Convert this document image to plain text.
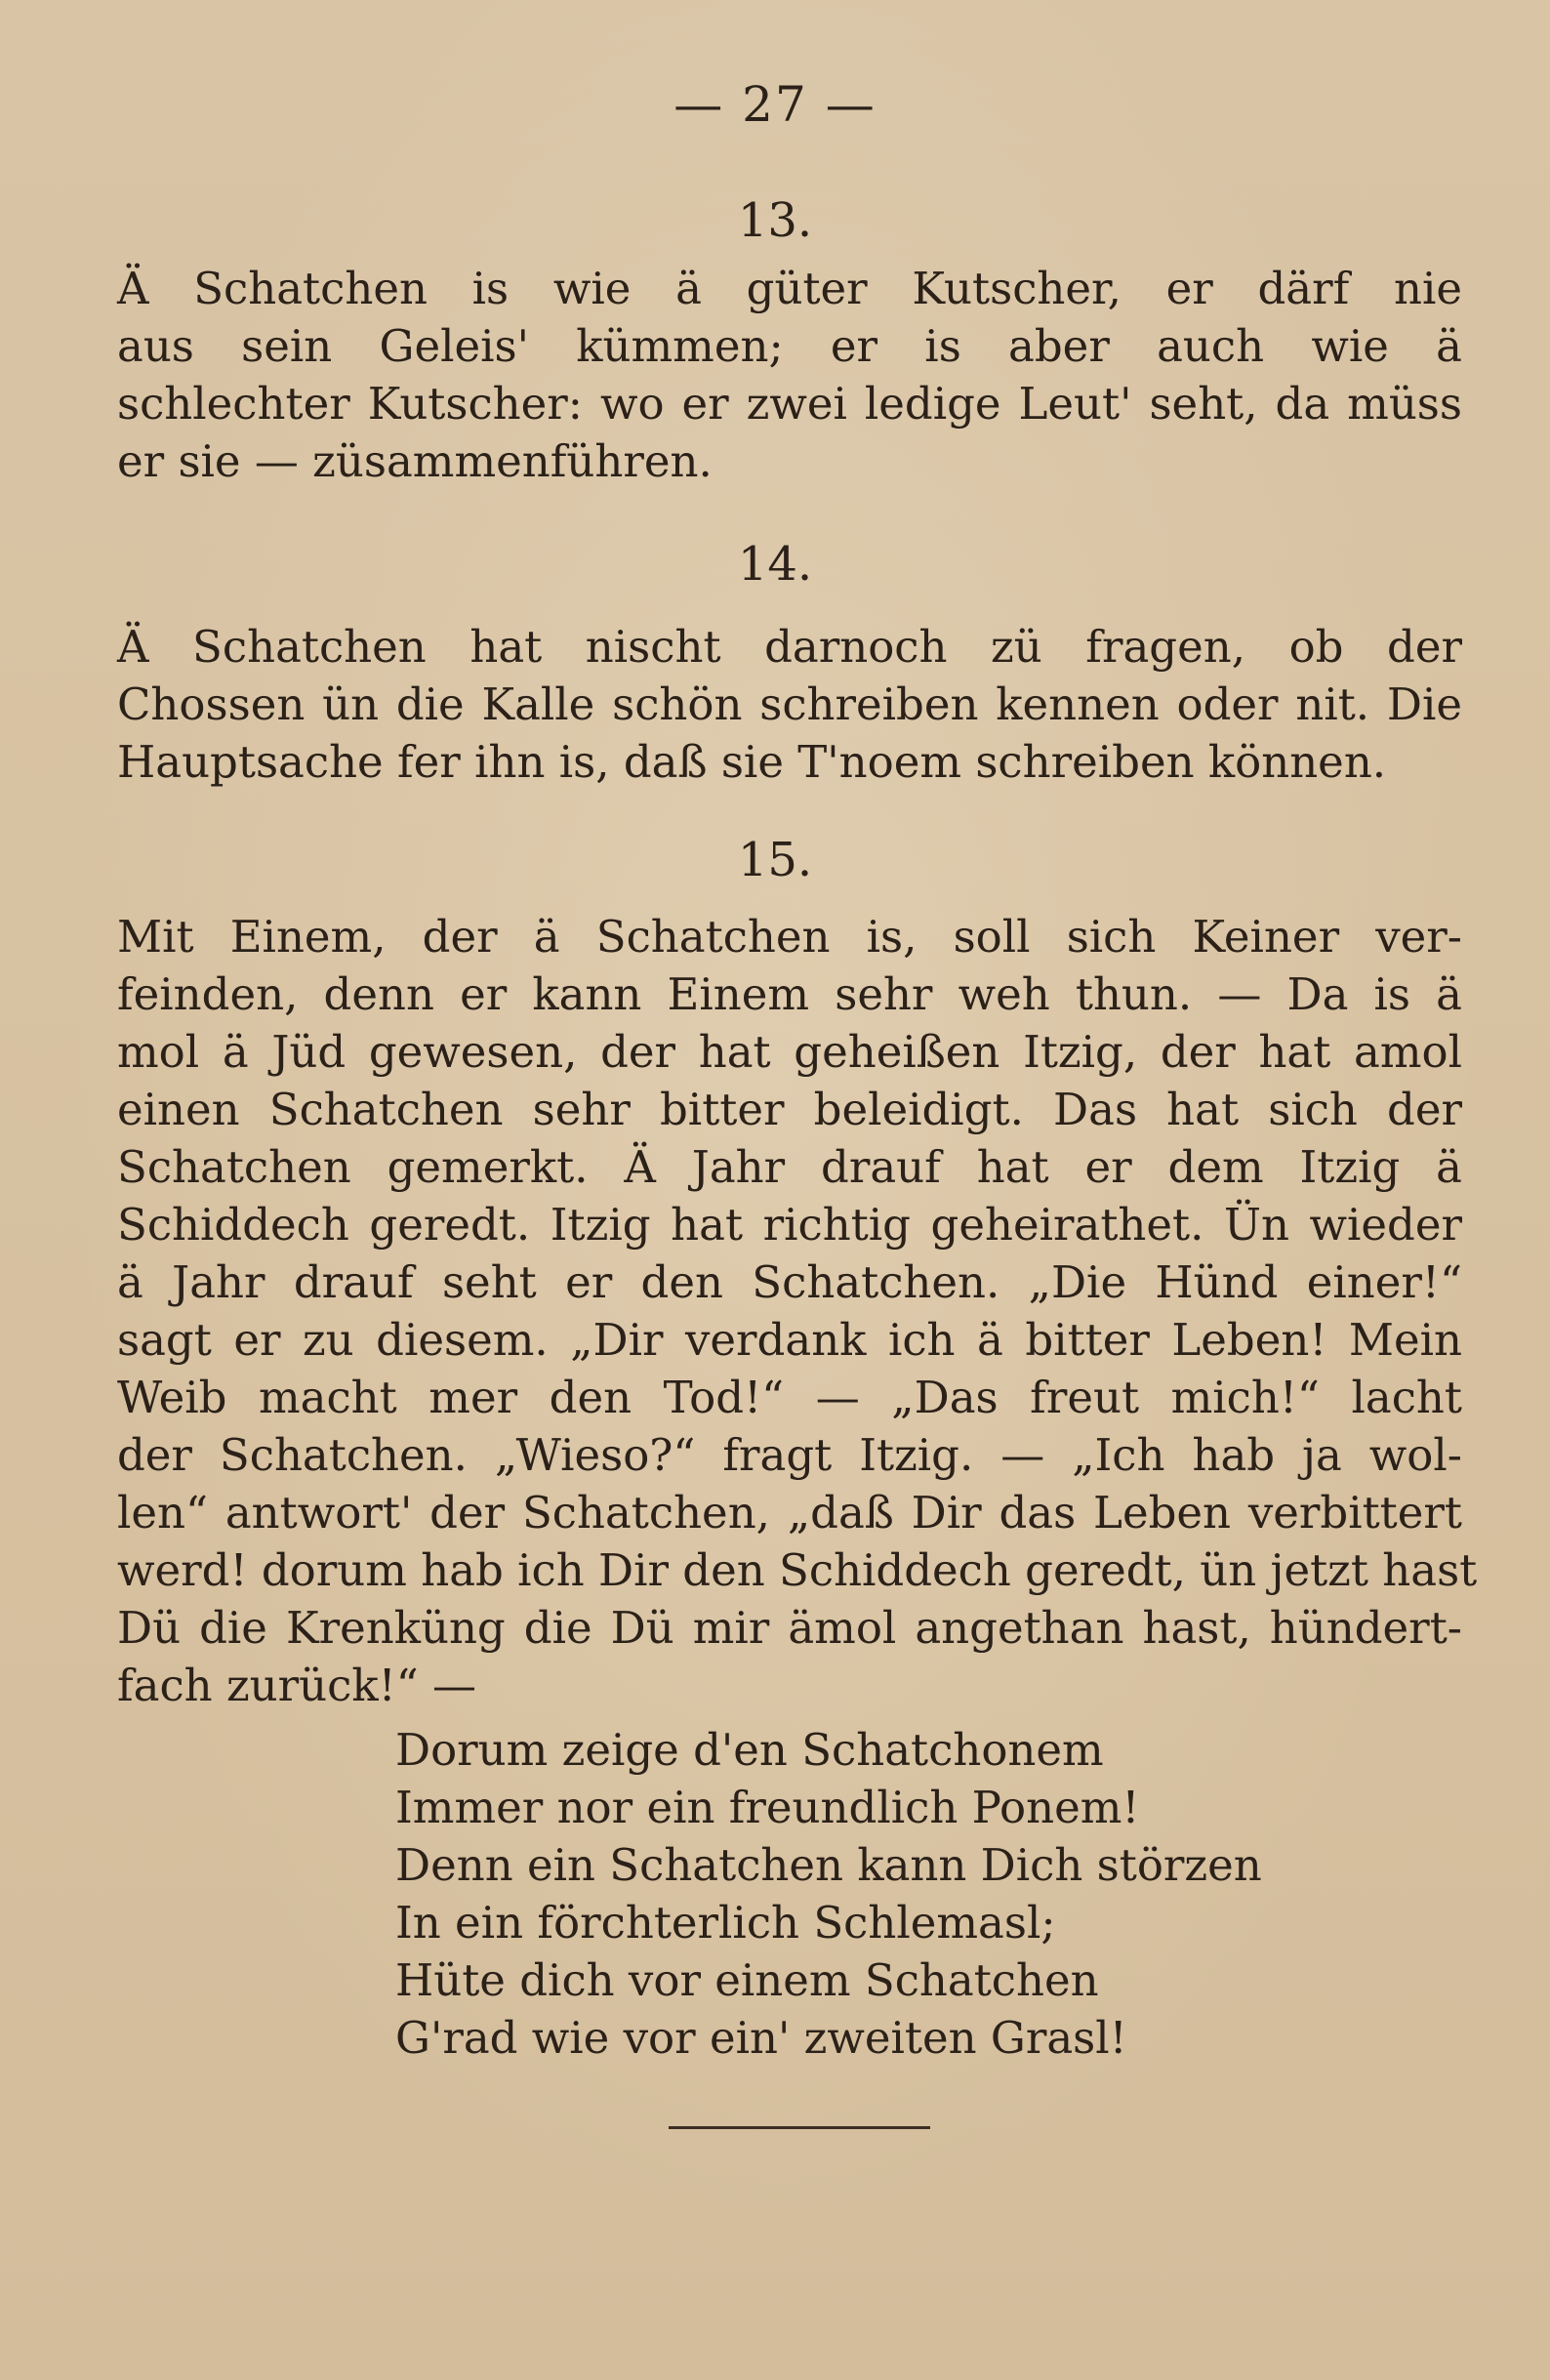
— 27 —
13.
Ä Schatchen is wie ä güter Kutscher, er därf nie
aus sein Geleis' kümmen; er is aber auch wie ä
schlechter Kutscher: wo er zwei ledige Leut' seht, da müss
er sie — züsammenführen.
14.
Ä Schatchen hat nischt darnoch zü fragen, ob der
Chossen ün die Kalle schön schreiben kennen oder nit. Die
Hauptsache fer ihn is, daß sie T'noem schreiben können.
15.
Mit Einem, der ä Schatchen is, soll sich Keiner ver-
feinden, denn er kann Einem sehr weh thun. — Da is ä
mol ä Jüd gewesen, der hat geheißen Itzig, der hat amol
einen Schatchen sehr bitter beleidigt. Das hat sich der
Schatchen gemerkt. Ä Jahr drauf hat er dem Itzig ä
Schiddech geredt. Itzig hat richtig geheirathet. Ün wieder
ä Jahr drauf seht er den Schatchen. „Die Hünd einer!“
sagt er zu diesem. „Dir verdank ich ä bitter Leben! Mein
Weib macht mer den Tod!“ — „Das freut mich!“ lacht
der Schatchen. „Wieso?“ fragt Itzig. — „Ich hab ja wol-
len“ antwort' der Schatchen, „daß Dir das Leben verbittert
werd! dorum hab ich Dir den Schiddech geredt, ün jetzt hast
Dü die Krenküng die Dü mir ämol angethan hast, hündert-
fach zurück!“ —
Dorum zeige d'en Schatchonem
Immer nor ein freundlich Ponem!
Denn ein Schatchen kann Dich störzen
In ein förchterlich Schlemasl;
Hüte dich vor einem Schatchen
G'rad wie vor ein' zweiten Grasl!
